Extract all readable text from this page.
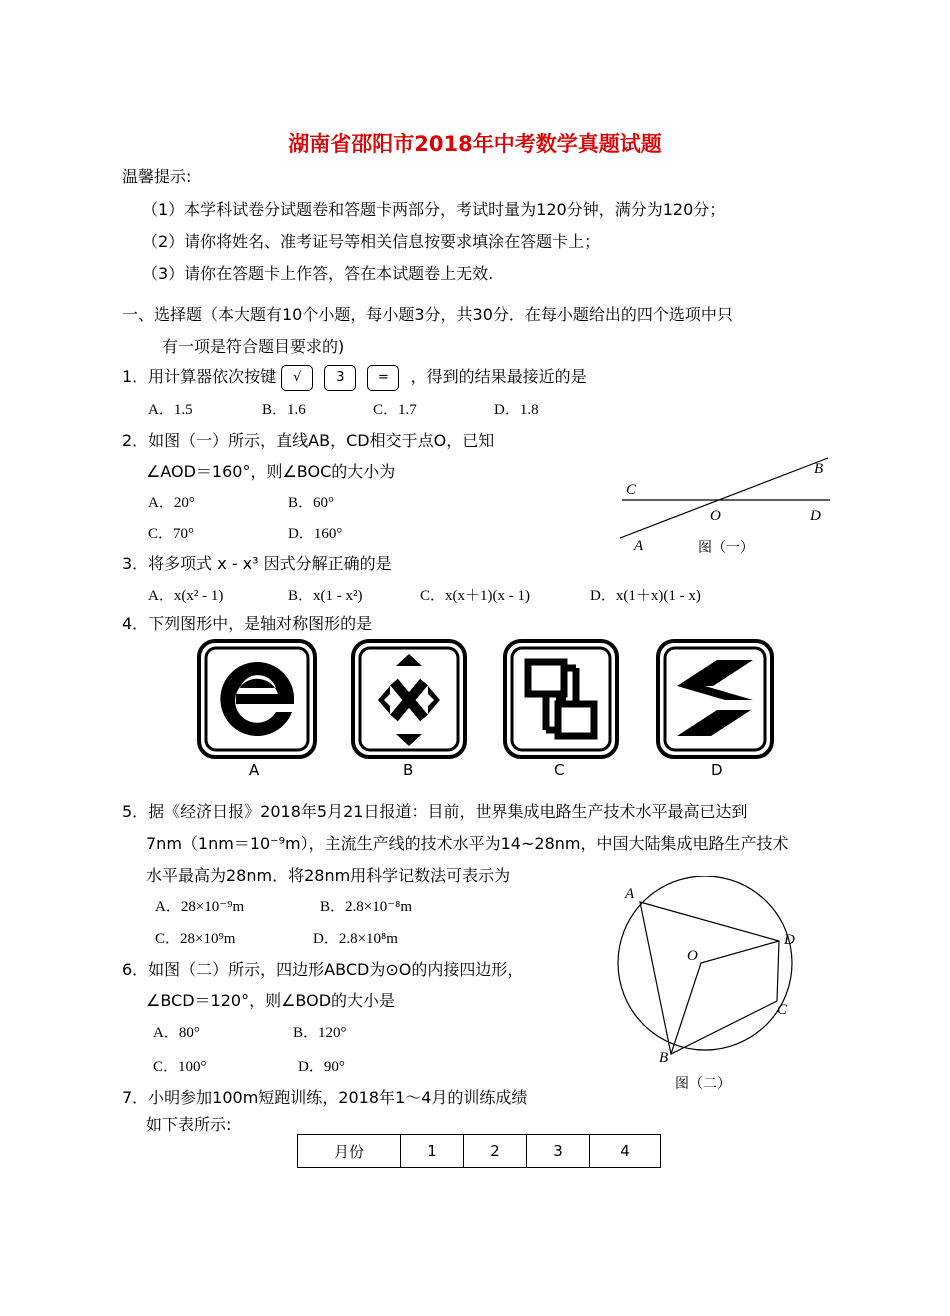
湖南省邵阳市2018年中考数学真题试题
温馨提示:
（1）本学科试卷分试题卷和答题卡两部分，考试时量为120分钟，满分为120分；
（2）请你将姓名、准考证号等相关信息按要求填涂在答题卡上；
（3）请你在答题卡上作答，答在本试题卷上无效.
一、选择题（本大题有10个小题，每小题3分，共30分．在每小题给出的四个选项中只
有一项是符合题目要求的)
1．用计算器依次按键 √	3	= ，得到的结果最接近的是
A．1.5	B．1.6	C．1.7	D．1.8
2．如图（一）所示，直线AB，CD相交于点O，已知
∠AOD＝160°，则∠BOC的大小为
A．20°	B．60°
C．70°	D．160°
B
C
O	D
A	图（一）
3．将多项式 x - x³ 因式分解正确的是
A．x(x² - 1)	B．x(1 - x²)	C．x(x＋1)(x - 1)	D．x(1＋x)(1 - x)
4．下列图形中，是轴对称图形的是
A	B	C	D
5．据《经济日报》2018年5月21日报道：目前，世界集成电路生产技术水平最高已达到
7nm（1nm＝10⁻⁹m），主流生产线的技术水平为14~28nm，中国大陆集成电路生产技术
水平最高为28nm．将28nm用科学记数法可表示为
A．28×10⁻⁹m	B．2.8×10⁻⁸m
C．28×10⁹m	D．2.8×10⁸m
A
D
O
C
B
图（二）
6．如图（二）所示，四边形ABCD为⊙O的内接四边形，
∠BCD＝120°，则∠BOD的大小是
A．80°	B．120°
C．100°	D．90°
7．小明参加100m短跑训练，2018年1～4月的训练成绩
如下表所示:
月份	1	2	3	4
